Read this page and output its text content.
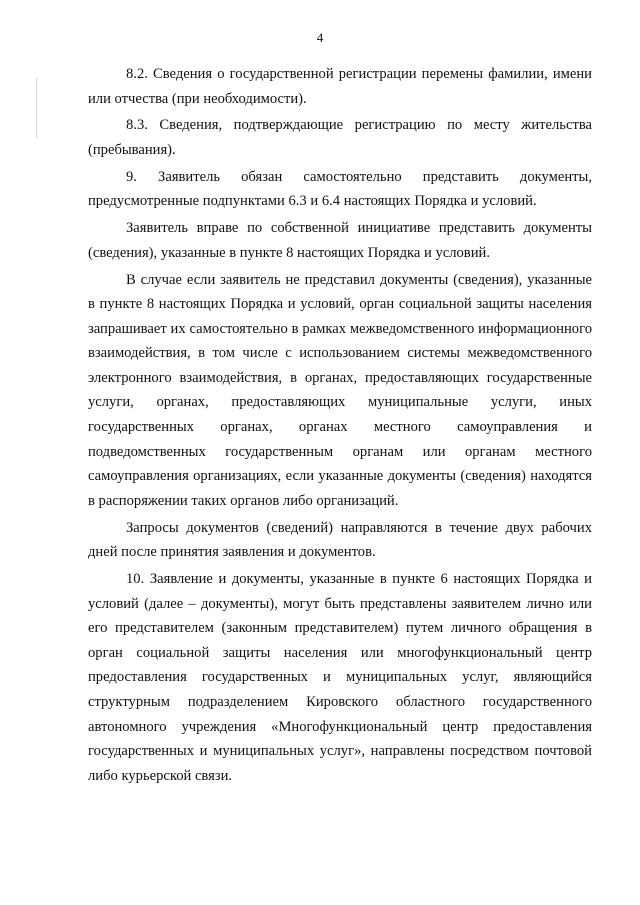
4

8.2. Сведения о государственной регистрации перемены фамилии, имени или отчества (при необходимости).

8.3. Сведения, подтверждающие регистрацию по месту жительства (пребывания).

9. Заявитель обязан самостоятельно представить документы, предусмотренные подпунктами 6.3 и 6.4 настоящих Порядка и условий.

Заявитель вправе по собственной инициативе представить документы (сведения), указанные в пункте 8 настоящих Порядка и условий.

В случае если заявитель не представил документы (сведения), указанные в пункте 8 настоящих Порядка и условий, орган социальной защиты населения запрашивает их самостоятельно в рамках межведомственного информационного взаимодействия, в том числе с использованием системы межведомственного электронного взаимодействия, в органах, предоставляющих государственные услуги, органах, предоставляющих муниципальные услуги, иных государственных органах, органах местного самоуправления и подведомственных государственным органам или органам местного самоуправления организациях, если указанные документы (сведения) находятся в распоряжении таких органов либо организаций.

Запросы документов (сведений) направляются в течение двух рабочих дней после принятия заявления и документов.

10. Заявление и документы, указанные в пункте 6 настоящих Порядка и условий (далее – документы), могут быть представлены заявителем лично или его представителем (законным представителем) путем личного обращения в орган социальной защиты населения или многофункциональный центр предоставления государственных и муниципальных услуг, являющийся структурным подразделением Кировского областного государственного автономного учреждения «Многофункциональный центр предоставления государственных и муниципальных услуг», направлены посредством почтовой либо курьерской связи.
